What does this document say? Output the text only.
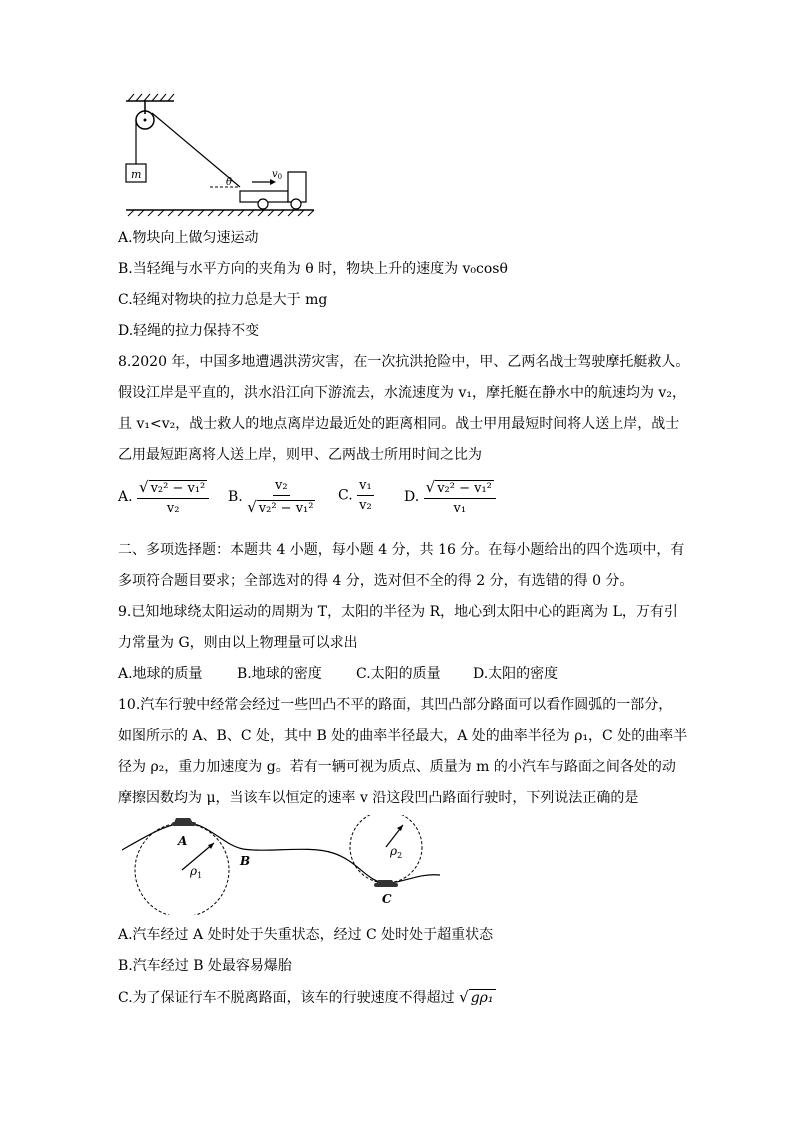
m
θ
$v_0$
A.物块向上做匀速运动
B.当轻绳与水平方向的夹角为 θ 时，物块上升的速度为 v₀cosθ
C.轻绳对物块的拉力总是大于 mg
D.轻绳的拉力保持不变
8.2020 年，中国多地遭遇洪涝灾害，在一次抗洪抢险中，甲、乙两名战士驾驶摩托艇救人。
假设江岸是平直的，洪水沿江向下游流去，水流速度为 v₁，摩托艇在静水中的航速均为 v₂，
且 v₁<v₂，战士救人的地点离岸边最近处的距离相同。战士甲用最短时间将人送上岸，战士
乙用最短距离将人送上岸，则甲、乙两战士所用时间之比为
A. $\frac{\text{√ v₂² − v₁²}}{\text{v₂}} B$. $\frac{\text{v₂}}{\text{√ v₂² − v₁²}} C$. $\frac{\text{v₁}}{\text{v₂}} D$. $\frac{\text{√ v₂² − v₁²}}{\text{v₁}}$
二、多项选择题：本题共 4 小题，每小题 4 分，共 16 分。在每小题给出的四个选项中，有
多项符合题目要求；全部选对的得 4 分，选对但不全的得 2 分，有选错的得 0 分。
9.已知地球绕太阳运动的周期为 T，太阳的半径为 R，地心到太阳中心的距离为 L，万有引
力常量为 G，则由以上物理量可以求出
A.地球的质量 B.地球的密度 C.太阳的质量 D.太阳的密度
10.汽车行驶中经常会经过一些凹凸不平的路面，其凹凸部分路面可以看作圆弧的一部分，
如图所示的 A、B、C 处，其中 B 处的曲率半径最大，A 处的曲率半径为 ρ₁，C 处的曲率半
径为 ρ₂，重力加速度为 g。若有一辆可视为质点、质量为 m 的小汽车与路面之间各处的动
摩擦因数均为 μ，当该车以恒定的速率 v 沿这段凹凸路面行驶时，下列说法正确的是
$\rho_1$
A
B
$\rho_2$
C
A.汽车经过 A 处时处于失重状态，经过 C 处时处于超重状态
B.汽车经过 B 处最容易爆胎
C.为了保证行车不脱离路面，该车的行驶速度不得超过 √ gρ₁
